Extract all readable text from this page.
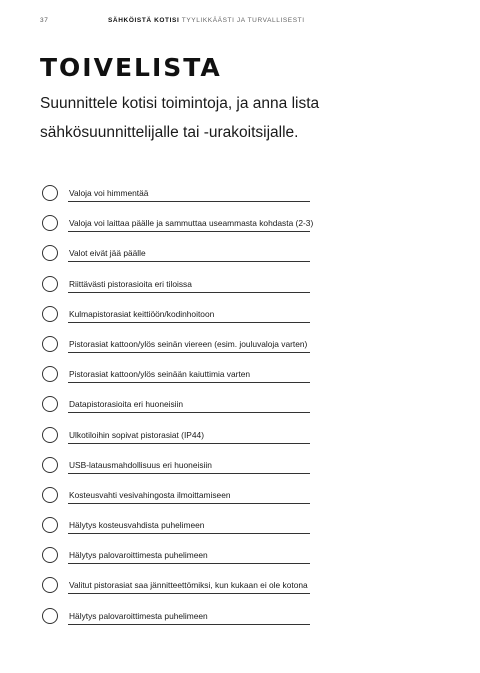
37	SÄHKÖISTÄ KOTISI TYYLIKKÄÄSTI JA TURVALLISESTI
TOIVELISTA
Suunnittele kotisi toimintoja, ja anna lista sähkösuunnittelijalle tai -urakoitsijalle.
Valoja voi himmentää
Valoja voi laittaa päälle ja sammuttaa useammasta kohdasta (2-3)
Valot eivät jää päälle
Riittävästi pistorasioita eri tiloissa
Kulmapistorasiat keittiöön/kodinhoitoon
Pistorasiat kattoon/ylös seinän viereen (esim. jouluvaloja varten)
Pistorasiat kattoon/ylös seinään kaiuttimia varten
Datapistorasioita eri huoneisiin
Ulkotiloihin sopivat pistorasiat (IP44)
USB-latausmahdollisuus eri huoneisiin
Kosteusvahti vesivahingosta ilmoittamiseen
Hälytys kosteusvahdista puhelimeen
Hälytys palovaroittimesta puhelimeen
Valitut pistorasiat saa jännitteettömiksi, kun kukaan ei ole kotona
Hälytys palovaroittimesta puhelimeen
